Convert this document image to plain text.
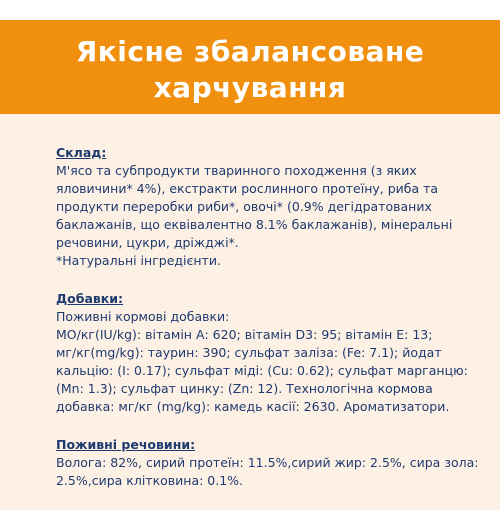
Якісне збалансоване
харчування

Склад:

М'ясо та субпродукти тваринного походження (з яких

яловичини* 4%), екстракти рослинного протеїну, риба та

продукти переробки риби*, овочі* (0.9% дегідратованих

баклажанів, що еквівалентно 8.1% баклажанів), мінеральні

речовини, цукри, дріжджі*.

*Натуральні інгредієнти.

Добавки:

Поживні кормові добавки:

МО/кг(IU/kg): вітамін А: 620; вітамін D3: 95; вітамін Е: 13;

мг/кг(mg/kg): таурин: 390; сульфат заліза: (Fe: 7.1); йодат

кальцію: (I: 0.17); сульфат міді: (Cu: 0.62); сульфат марганцю:

(Mn: 1.3); сульфат цинку: (Zn: 12). Технологічна кормова

добавка: мг/кг (mg/kg): камедь касії: 2630. Ароматизатори.

Поживні речовини:

Волога: 82%, сирий протеїн: 11.5%,сирий жир: 2.5%, сира зола:

2.5%,сира клітковина: 0.1%.
